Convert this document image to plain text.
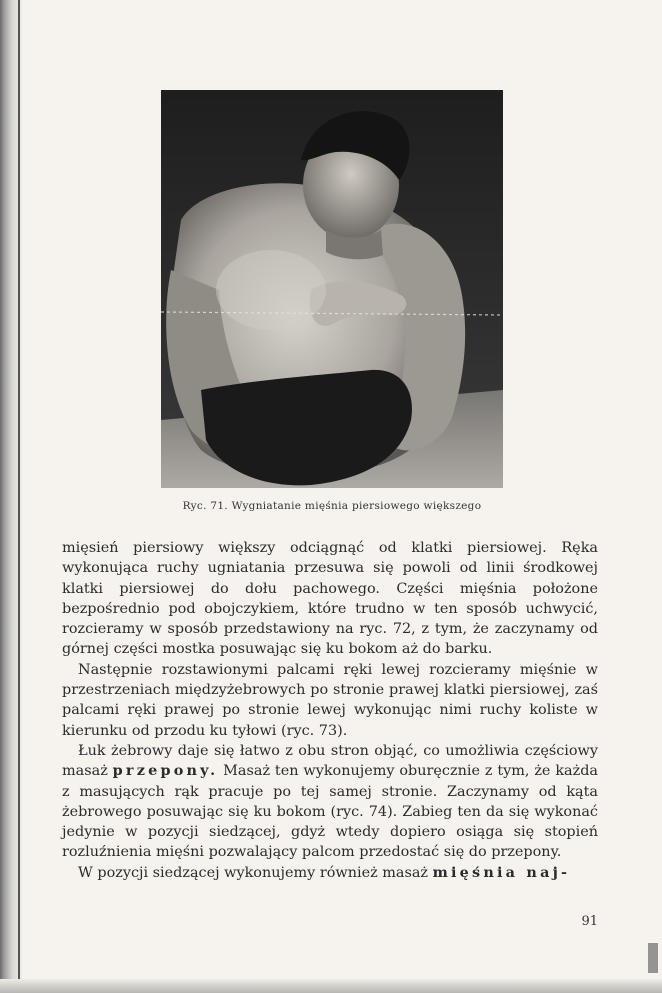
Ryc. 71. Wygniatanie mięśnia piersiowego większego

mięsień piersiowy większy odciągnąć od klatki piersiowej. Ręka wykonująca ruchy ugniatania przesuwa się powoli od linii środkowej klatki piersiowej do dołu pachowego. Części mięśnia położone bezpośrednio pod obojczykiem, które trudno w ten sposób uchwycić, rozcieramy w sposób przedstawiony na ryc. 72, z tym, że zaczynamy od górnej części mostka posuwając się ku bokom aż do barku.

Następnie rozstawionymi palcami ręki lewej rozcieramy mięśnie w przestrzeniach międzyżebrowych po stronie prawej klatki piersiowej, zaś palcami ręki prawej po stronie lewej wykonując nimi ruchy koliste w kierunku od przodu ku tyłowi (ryc. 73).

Łuk żebrowy daje się łatwo z obu stron objąć, co umożliwia częściowy masaż przepony. Masaż ten wykonujemy oburęcznie z tym, że każda z masujących rąk pracuje po tej samej stronie. Zaczynamy od kąta żebrowego posuwając się ku bokom (ryc. 74). Zabieg ten da się wykonać jedynie w pozycji siedzącej, gdyż wtedy dopiero osiąga się stopień rozluźnienia mięśni pozwalający palcom przedostać się do przepony.

W pozycji siedzącej wykonujemy również masaż mięśnia naj-

91
